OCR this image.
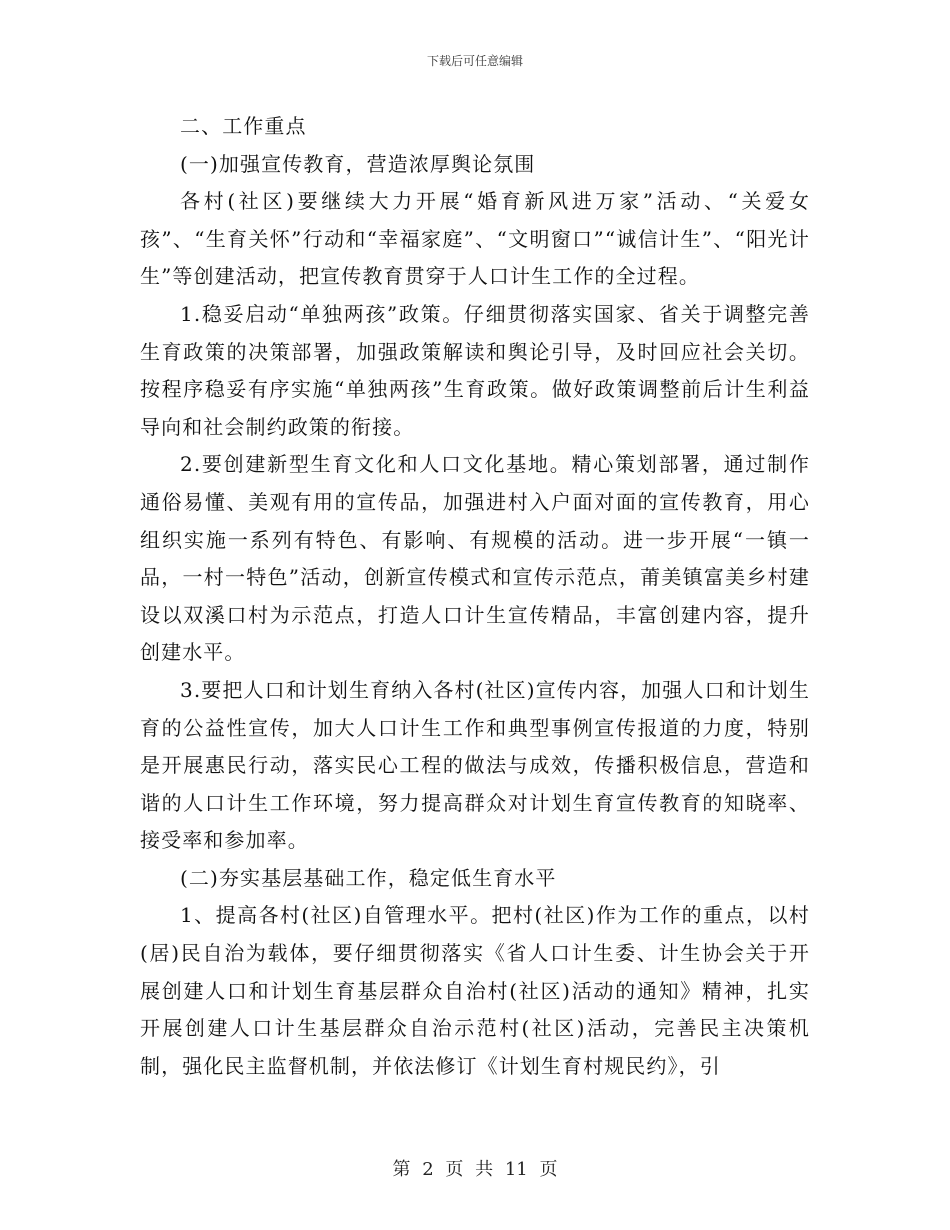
下载后可任意编辑

二、工作重点

(一)加强宣传教育，营造浓厚舆论氛围

各村(社区)要继续大力开展“婚育新风进万家”活动、“关爱女孩”、“生育关怀”行动和“幸福家庭”、“文明窗口”“诚信计生”、“阳光计生”等创建活动，把宣传教育贯穿于人口计生工作的全过程。

1.稳妥启动“单独两孩”政策。仔细贯彻落实国家、省关于调整完善生育政策的决策部署，加强政策解读和舆论引导，及时回应社会关切。按程序稳妥有序实施“单独两孩”生育政策。做好政策调整前后计生利益导向和社会制约政策的衔接。

2.要创建新型生育文化和人口文化基地。精心策划部署，通过制作通俗易懂、美观有用的宣传品，加强进村入户面对面的宣传教育，用心组织实施一系列有特色、有影响、有规模的活动。进一步开展“一镇一品，一村一特色”活动，创新宣传模式和宣传示范点，莆美镇富美乡村建设以双溪口村为示范点，打造人口计生宣传精品，丰富创建内容，提升创建水平。

3.要把人口和计划生育纳入各村(社区)宣传内容，加强人口和计划生育的公益性宣传，加大人口计生工作和典型事例宣传报道的力度，特别是开展惠民行动，落实民心工程的做法与成效，传播积极信息，营造和谐的人口计生工作环境，努力提高群众对计划生育宣传教育的知晓率、接受率和参加率。

(二)夯实基层基础工作，稳定低生育水平

1、提高各村(社区)自管理水平。把村(社区)作为工作的重点，以村(居)民自治为载体，要仔细贯彻落实《省人口计生委、计生协会关于开展创建人口和计划生育基层群众自治村(社区)活动的通知》精神，扎实开展创建人口计生基层群众自治示范村(社区)活动，完善民主决策机制，强化民主监督机制，并依法修订《计划生育村规民约》，引

第 2 页 共 11 页
